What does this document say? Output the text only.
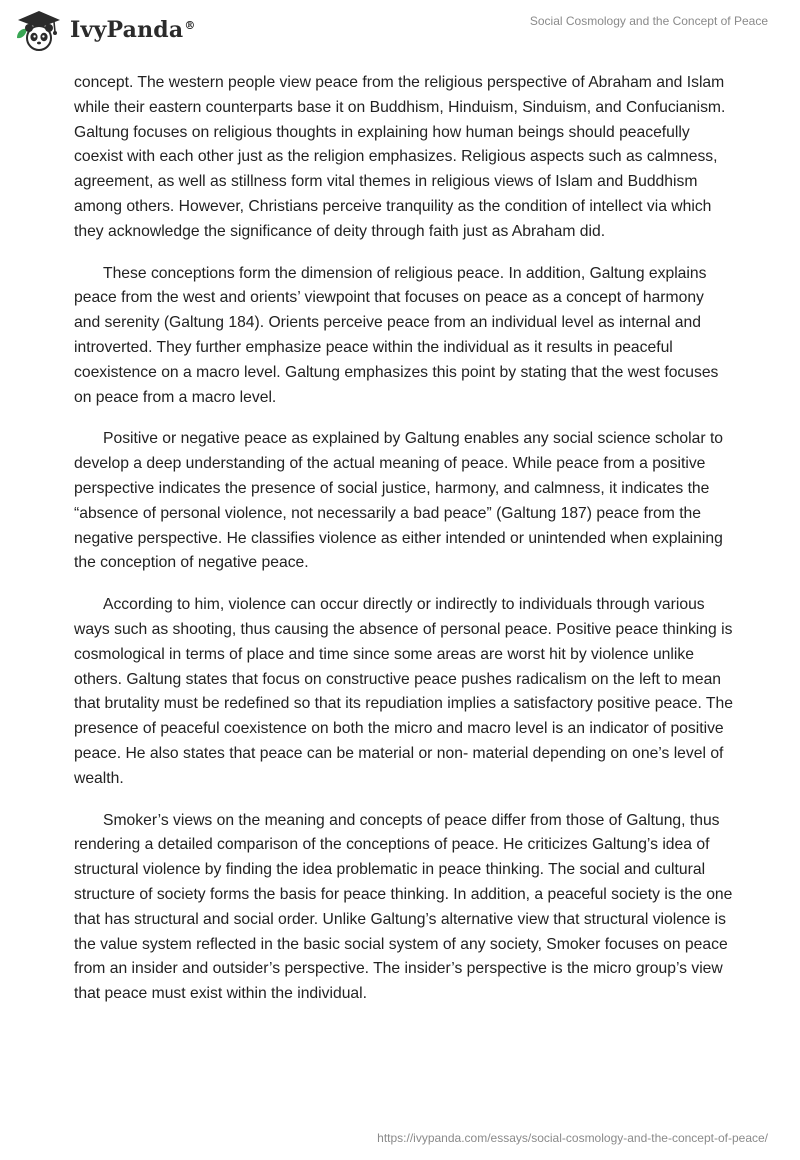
IvyPanda®	Social Cosmology and the Concept of Peace

concept. The western people view peace from the religious perspective of Abraham and Islam while their eastern counterparts base it on Buddhism, Hinduism, Sinduism, and Confucianism. Galtung focuses on religious thoughts in explaining how human beings should peacefully coexist with each other just as the religion emphasizes. Religious aspects such as calmness, agreement, as well as stillness form vital themes in religious views of Islam and Buddhism among others. However, Christians perceive tranquility as the condition of intellect via which they acknowledge the significance of deity through faith just as Abraham did.

These conceptions form the dimension of religious peace. In addition, Galtung explains peace from the west and orients’ viewpoint that focuses on peace as a concept of harmony and serenity (Galtung 184). Orients perceive peace from an individual level as internal and introverted. They further emphasize peace within the individual as it results in peaceful coexistence on a macro level. Galtung emphasizes this point by stating that the west focuses on peace from a macro level.

Positive or negative peace as explained by Galtung enables any social science scholar to develop a deep understanding of the actual meaning of peace. While peace from a positive perspective indicates the presence of social justice, harmony, and calmness, it indicates the “absence of personal violence, not necessarily a bad peace” (Galtung 187) peace from the negative perspective. He classifies violence as either intended or unintended when explaining the conception of negative peace.

According to him, violence can occur directly or indirectly to individuals through various ways such as shooting, thus causing the absence of personal peace. Positive peace thinking is cosmological in terms of place and time since some areas are worst hit by violence unlike others. Galtung states that focus on constructive peace pushes radicalism on the left to mean that brutality must be redefined so that its repudiation implies a satisfactory positive peace. The presence of peaceful coexistence on both the micro and macro level is an indicator of positive peace. He also states that peace can be material or non- material depending on one’s level of wealth.

Smoker’s views on the meaning and concepts of peace differ from those of Galtung, thus rendering a detailed comparison of the conceptions of peace. He criticizes Galtung’s idea of structural violence by finding the idea problematic in peace thinking. The social and cultural structure of society forms the basis for peace thinking. In addition, a peaceful society is the one that has structural and social order. Unlike Galtung’s alternative view that structural violence is the value system reflected in the basic social system of any society, Smoker focuses on peace from an insider and outsider’s perspective. The insider’s perspective is the micro group’s view that peace must exist within the individual.

https://ivypanda.com/essays/social-cosmology-and-the-concept-of-peace/
